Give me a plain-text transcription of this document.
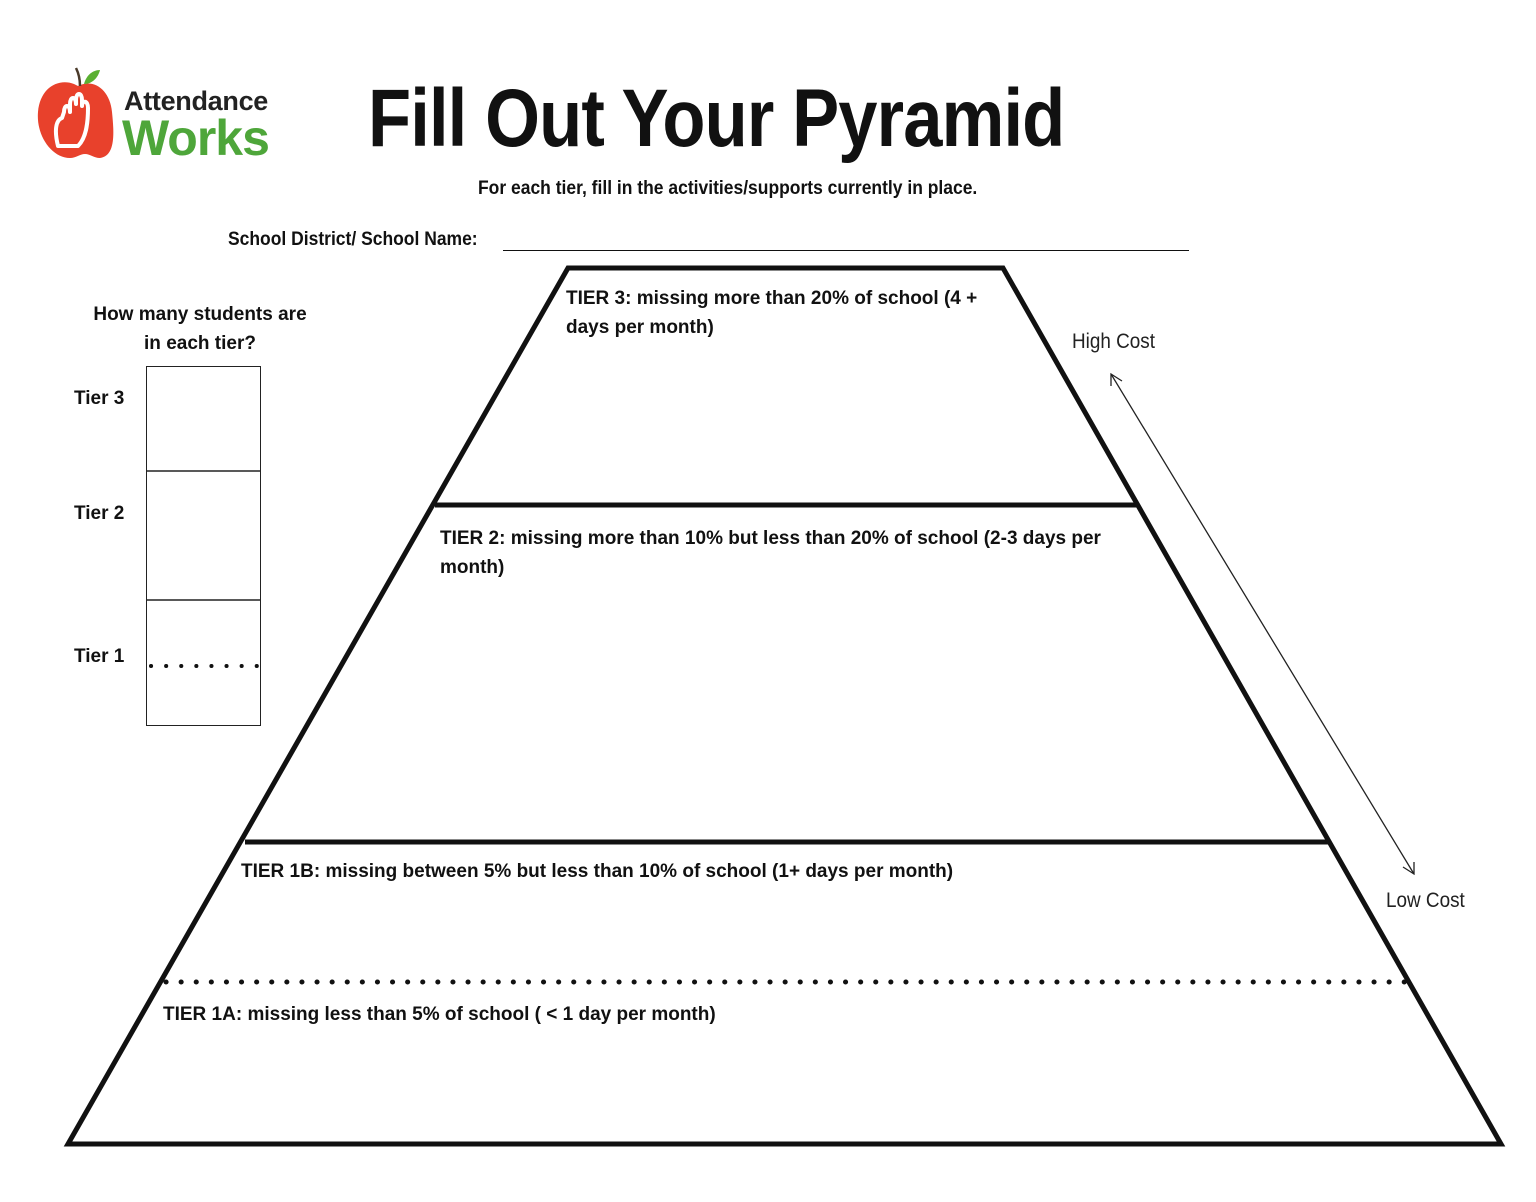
Attendance
Works Fill Out Your Pyramid
For each tier, fill in the activities/supports currently in place.
School District/ School Name:
How many students are in each tier?
Tier 3
Tier 2
Tier 1
TIER 3: missing more than 20% of school (4 + days per month)
TIER 2: missing more than 10% but less than 20% of school (2-3 days per month)
TIER 1B: missing between 5% but less than 10% of school (1+ days per month)
TIER 1A: missing less than 5% of school ( < 1 day per month)
High Cost
Low Cost
